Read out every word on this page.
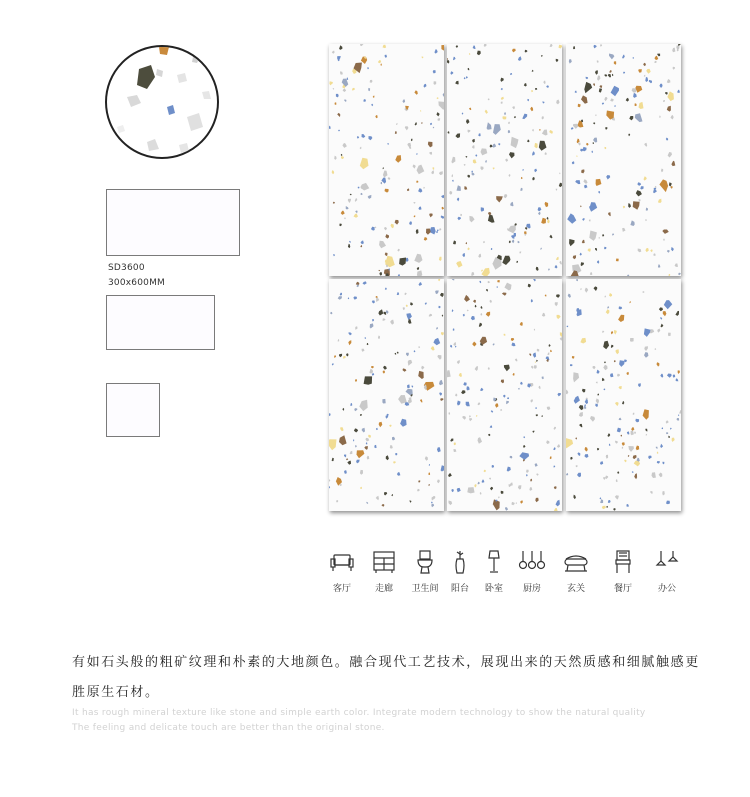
SD3600
300x600MM
客厅	走廊	卫生间	阳台	卧室	厨房	玄关	餐厅	办公
有如石头般的粗矿纹理和朴素的大地颜色。融合现代工艺技术，展现出来的天然质感和细腻触感更胜原生石材。
It has rough mineral texture like stone and simple earth color. Integrate modern technology to show the natural quality
The feeling and delicate touch are better than the original stone.
